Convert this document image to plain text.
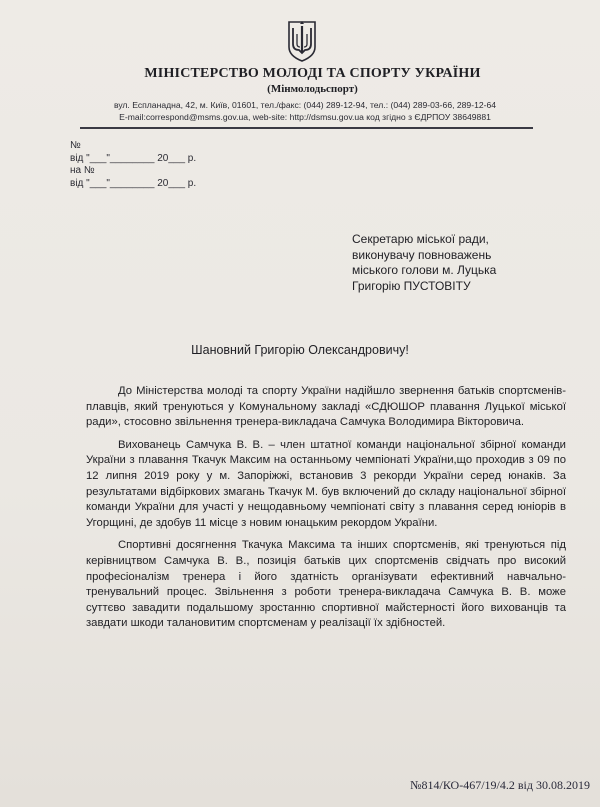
МІНІСТЕРСТВО МОЛОДІ ТА СПОРТУ УКРАЇНИ
(Мінмолодьспорт)
вул. Еспланадна, 42, м. Київ, 01601, тел./факс: (044) 289-12-94, тел.: (044) 289-03-66, 289-12-64
E-mail:correspond@msms.gov.ua, web-site: http://dsmsu.gov.ua код згідно з ЄДРПОУ 38649881
№
від "___"________ 20___ р.
на №
від "___"________ 20___ р.
Секретарю міської ради,
виконувачу повноважень
міського голови м. Луцька
Григорію ПУСТОВІТУ
Шановний Григорію Олександровичу!

До Міністерства молоді та спорту України надійшло звернення батьків спортсменів-плавців, який тренуються у Комунальному закладі «СДЮШОР плавання Луцької міської ради», стосовно звільнення тренера-викладача Самчука Володимира Вікторовича.

Вихованець Самчука В. В. – член штатної команди національної збірної команди України з плавання Ткачук Максим на останньому чемпіонаті України,що проходив з 09 по 12 липня 2019 року у м. Запоріжжі, встановив 3 рекорди України серед юнаків. За результатами відбіркових змагань Ткачук М. був включений до складу національної збірної команди України для участі у нещодавньому чемпіонаті світу з плавання серед юніорів в Угорщині, де здобув 11 місце з новим юнацьким рекордом України.

Спортивні досягнення Ткачука Максима та інших спортсменів, які тренуються під керівництвом Самчука В. В., позиція батьків цих спортсменів свідчать про високий професіоналізм тренера і його здатність організувати ефективний навчально-тренувальний процес. Звільнення з роботи тренера-викладача Самчука В. В. може суттєво завадити подальшому зростанню спортивної майстерності його вихованців та завдати шкоди талановитим спортсменам у реалізації їх здібностей.

№814/КО-467/19/4.2 від 30.08.2019
